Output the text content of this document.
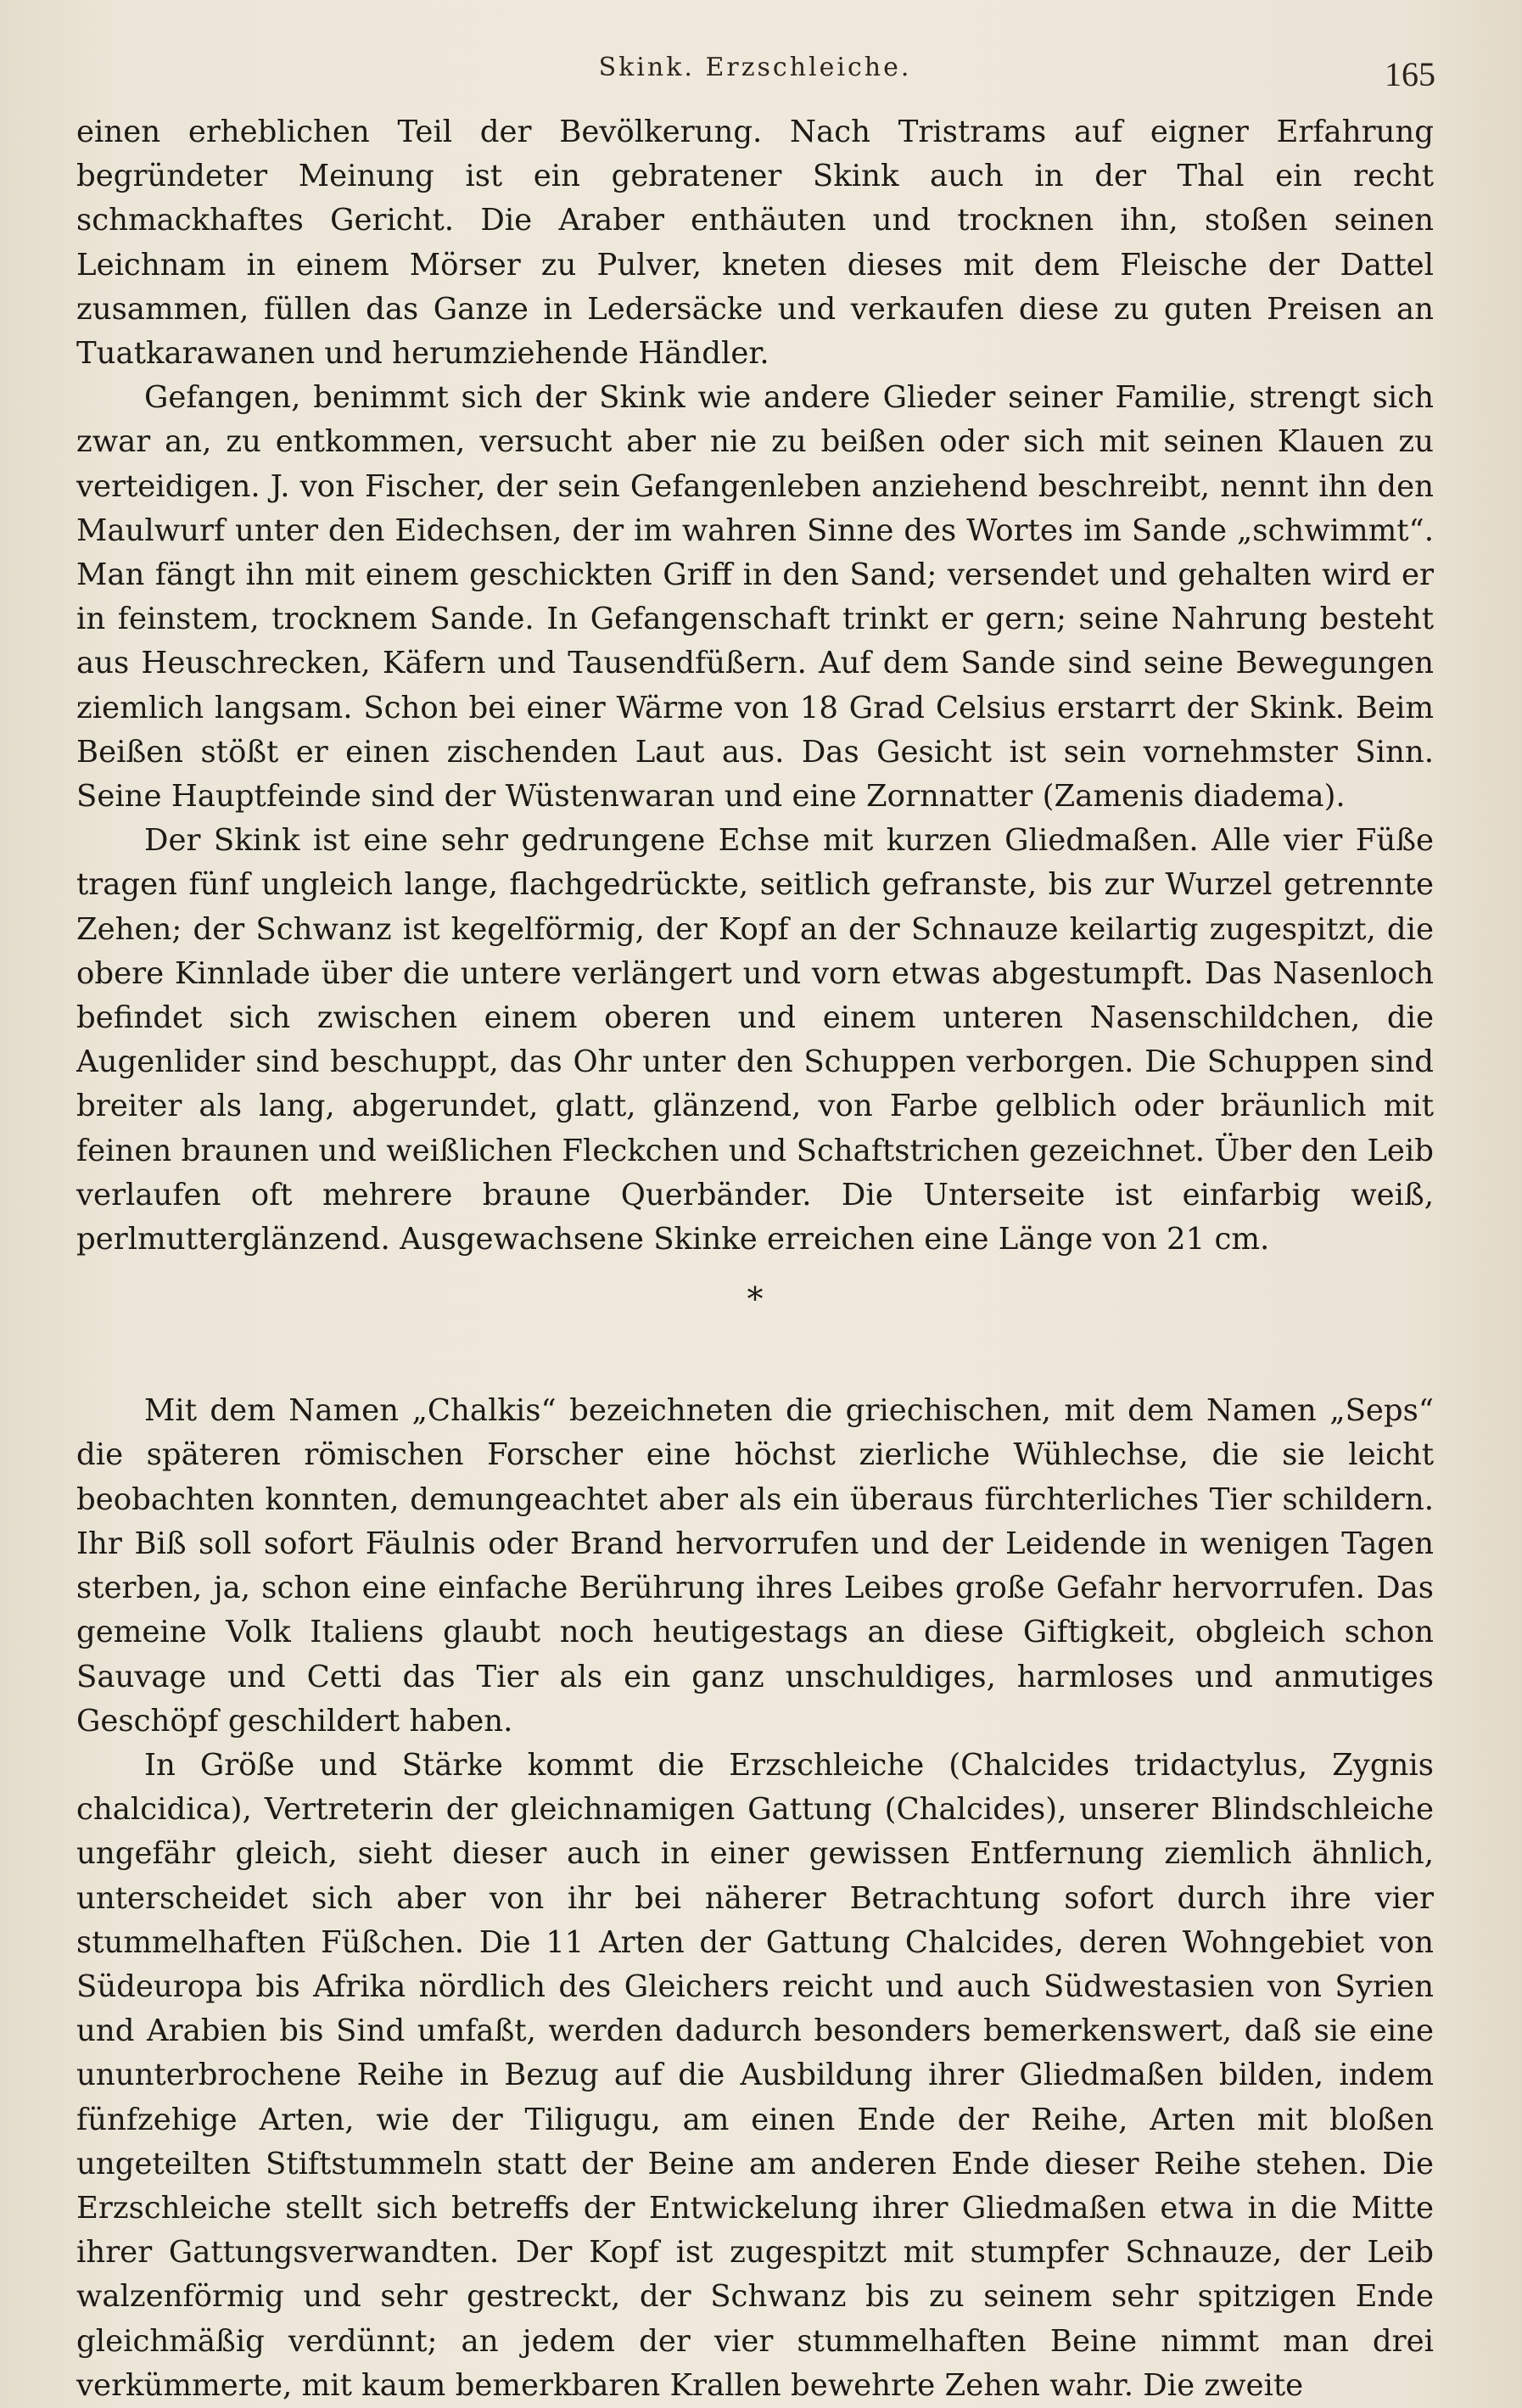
Skink. Erzschleiche.	165

einen erheblichen Teil der Bevölkerung. Nach Tristrams auf eigner Erfahrung begründeter Meinung ist ein gebratener Skink auch in der Thal ein recht schmackhaftes Gericht. Die Araber enthäuten und trocknen ihn, stoßen seinen Leichnam in einem Mörser zu Pulver, kneten dieses mit dem Fleische der Dattel zusammen, füllen das Ganze in Ledersäcke und verkaufen diese zu guten Preisen an Tuatkarawanen und herumziehende Händler.

Gefangen, benimmt sich der Skink wie andere Glieder seiner Familie, strengt sich zwar an, zu entkommen, versucht aber nie zu beißen oder sich mit seinen Klauen zu verteidigen. J. von Fischer, der sein Gefangenleben anziehend beschreibt, nennt ihn den Maulwurf unter den Eidechsen, der im wahren Sinne des Wortes im Sande „schwimmt“. Man fängt ihn mit einem geschickten Griff in den Sand; versendet und gehalten wird er in feinstem, trocknem Sande. In Gefangenschaft trinkt er gern; seine Nahrung besteht aus Heuschrecken, Käfern und Tausendfüßern. Auf dem Sande sind seine Bewegungen ziemlich langsam. Schon bei einer Wärme von 18 Grad Celsius erstarrt der Skink. Beim Beißen stößt er einen zischenden Laut aus. Das Gesicht ist sein vornehmster Sinn. Seine Hauptfeinde sind der Wüstenwaran und eine Zornnatter (Zamenis diadema).

Der Skink ist eine sehr gedrungene Echse mit kurzen Gliedmaßen. Alle vier Füße tragen fünf ungleich lange, flachgedrückte, seitlich gefranste, bis zur Wurzel getrennte Zehen; der Schwanz ist kegelförmig, der Kopf an der Schnauze keilartig zugespitzt, die obere Kinnlade über die untere verlängert und vorn etwas abgestumpft. Das Nasenloch befindet sich zwischen einem oberen und einem unteren Nasenschildchen, die Augenlider sind beschuppt, das Ohr unter den Schuppen verborgen. Die Schuppen sind breiter als lang, abgerundet, glatt, glänzend, von Farbe gelblich oder bräunlich mit feinen braunen und weißlichen Fleckchen und Schaftstrichen gezeichnet. Über den Leib verlaufen oft mehrere braune Querbänder. Die Unterseite ist einfarbig weiß, perlmutterglänzend. Ausgewachsene Skinke erreichen eine Länge von 21 cm.

*

Mit dem Namen „Chalkis“ bezeichneten die griechischen, mit dem Namen „Seps“ die späteren römischen Forscher eine höchst zierliche Wühlechse, die sie leicht beobachten konnten, demungeachtet aber als ein überaus fürchterliches Tier schildern. Ihr Biß soll sofort Fäulnis oder Brand hervorrufen und der Leidende in wenigen Tagen sterben, ja, schon eine einfache Berührung ihres Leibes große Gefahr hervorrufen. Das gemeine Volk Italiens glaubt noch heutigestags an diese Giftigkeit, obgleich schon Sauvage und Cetti das Tier als ein ganz unschuldiges, harmloses und anmutiges Geschöpf geschildert haben.

In Größe und Stärke kommt die Erzschleiche (Chalcides tridactylus, Zygnis chalcidica), Vertreterin der gleichnamigen Gattung (Chalcides), unserer Blindschleiche ungefähr gleich, sieht dieser auch in einer gewissen Entfernung ziemlich ähnlich, unterscheidet sich aber von ihr bei näherer Betrachtung sofort durch ihre vier stummelhaften Füßchen. Die 11 Arten der Gattung Chalcides, deren Wohngebiet von Südeuropa bis Afrika nördlich des Gleichers reicht und auch Südwestasien von Syrien und Arabien bis Sind umfaßt, werden dadurch besonders bemerkenswert, daß sie eine ununterbrochene Reihe in Bezug auf die Ausbildung ihrer Gliedmaßen bilden, indem fünfzehige Arten, wie der Tiligugu, am einen Ende der Reihe, Arten mit bloßen ungeteilten Stiftstummeln statt der Beine am anderen Ende dieser Reihe stehen. Die Erzschleiche stellt sich betreffs der Entwickelung ihrer Gliedmaßen etwa in die Mitte ihrer Gattungsverwandten. Der Kopf ist zugespitzt mit stumpfer Schnauze, der Leib walzenförmig und sehr gestreckt, der Schwanz bis zu seinem sehr spitzigen Ende gleichmäßig verdünnt; an jedem der vier stummelhaften Beine nimmt man drei verkümmerte, mit kaum bemerkbaren Krallen bewehrte Zehen wahr. Die zweite
